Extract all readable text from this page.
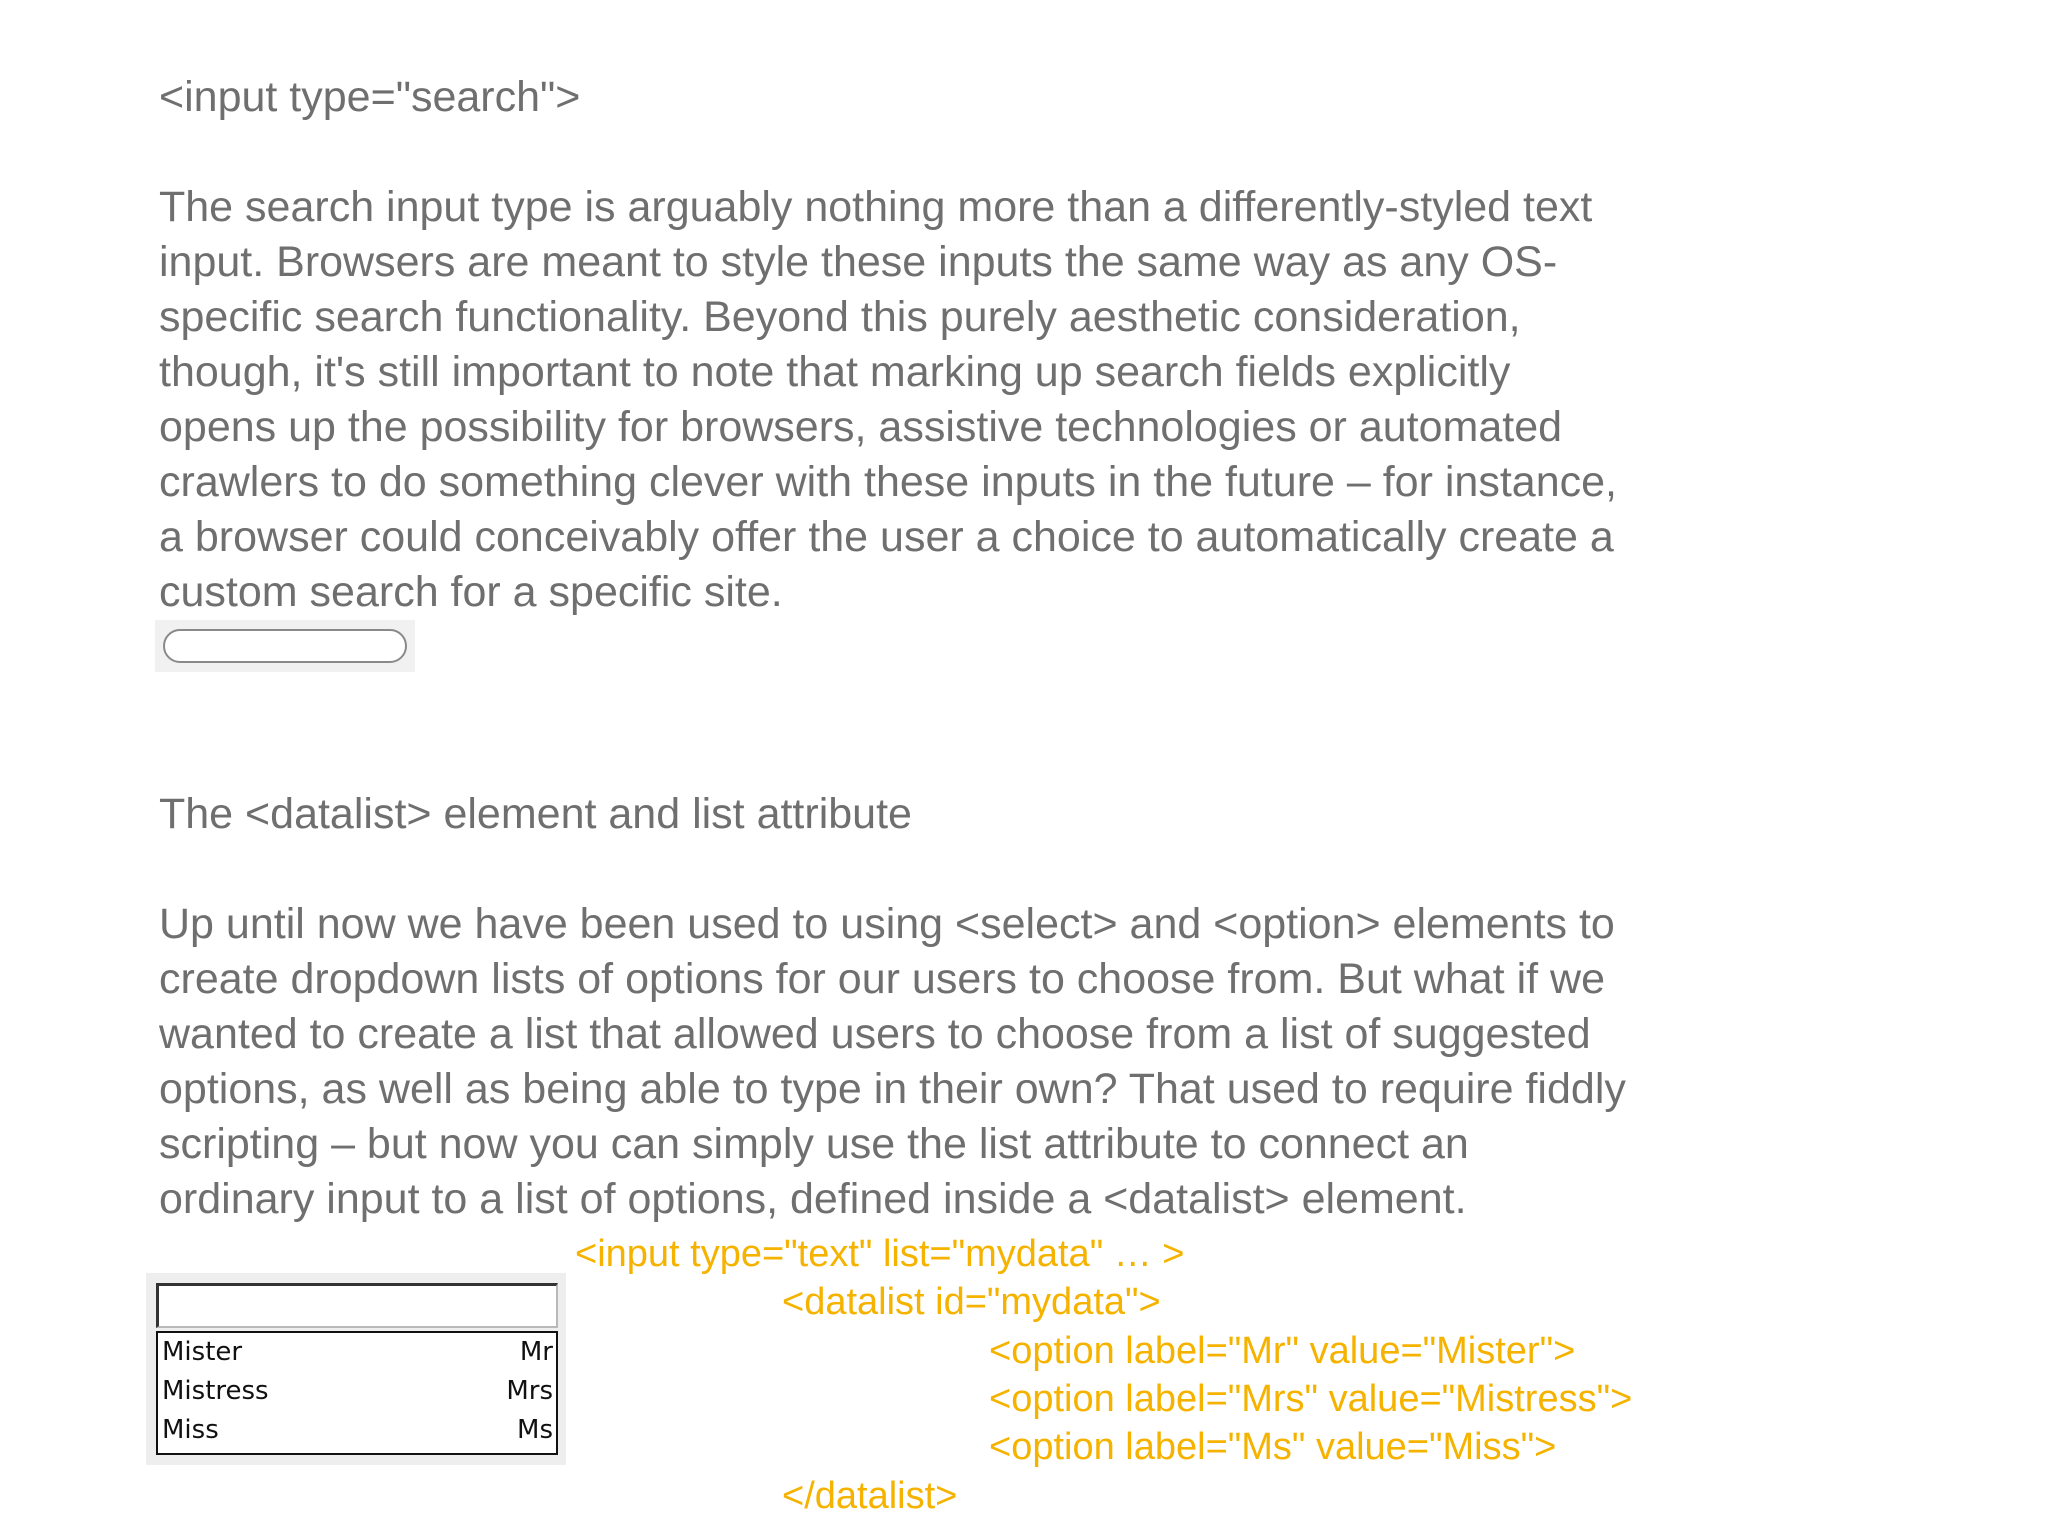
<input type="search">

The search input type is arguably nothing more than a differently-styled text
input. Browsers are meant to style these inputs the same way as any OS-
specific search functionality. Beyond this purely aesthetic consideration,
though, it's still important to note that marking up search fields explicitly
opens up the possibility for browsers, assistive technologies or automated
crawlers to do something clever with these inputs in the future – for instance,
a browser could conceivably offer the user a choice to automatically create a
custom search for a specific site.

The <datalist> element and list attribute

Up until now we have been used to using <select> and <option> elements to
create dropdown lists of options for our users to choose from. But what if we
wanted to create a list that allowed users to choose from a list of suggested
options, as well as being able to type in their own? That used to require fiddly
scripting – but now you can simply use the list attribute to connect an
ordinary input to a list of options, defined inside a <datalist> element.

Mister	Mr
Mistress	Mrs
Miss	Ms
<input type="text" list="mydata" … >
<datalist id="mydata">
<option label="Mr" value="Mister">
<option label="Mrs" value="Mistress">
<option label="Ms" value="Miss">
</datalist>
